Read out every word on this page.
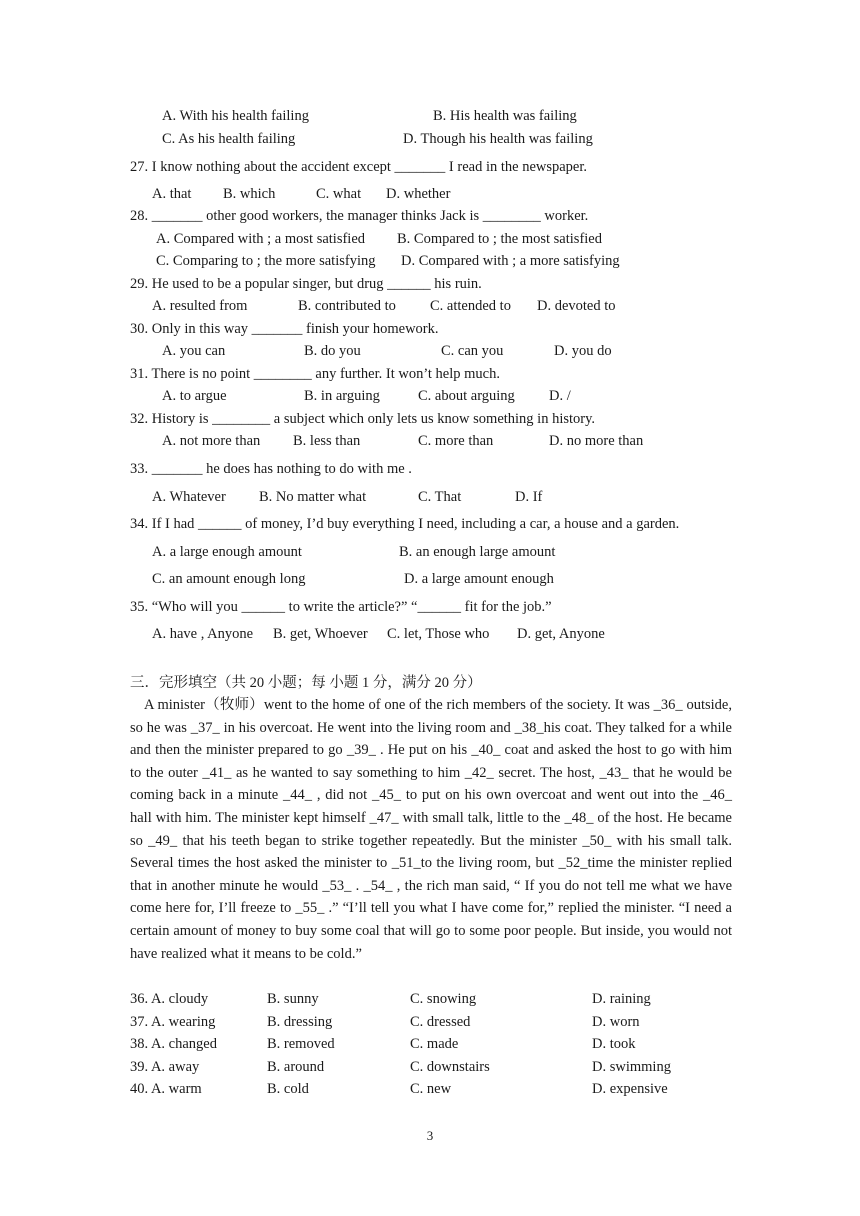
A. With his health failing	B. His health was failing
C. As his health failing	D. Though his health was failing
27. I know nothing about the accident except _______ I read in the newspaper.
A. that B. which	C. what D. whether
28. _______ other good workers, the manager thinks Jack is ________ worker.
A. Compared with ; a most satisfied B. Compared to ; the most satisfied
C. Comparing to ; the more satisfying D. Compared with ; a more satisfying
29. He used to be a popular singer, but drug ______ his ruin.
A. resulted from	B. contributed to C. attended to D. devoted to
30. Only in this way _______ finish your homework.
A. you can	B. do you	C. can you	D. you do
31. There is no point ________ any further. It won’t help much.
A. to argue	B. in arguing	C. about arguing D. /
32. History is ________ a subject which only lets us know something in history.
A. not more than B. less than	C. more than	D. no more than
33. _______ he does has nothing to do with me .
A. Whatever B. No matter what	C. That	D. If
34. If I had ______ of money, I’d buy everything I need, including a car, a house and a garden.
A. a large enough amount	B. an enough large amount
C. an amount enough long	D. a large amount enough
35. “Who will you ______ to write the article?” “______ fit for the job.”
A. have , Anyone B. get, Whoever C. let, Those who D. get, Anyone
三．完形填空（共 20 小题；每 小题 1 分，满分 20 分）

A minister（牧师）went to the home of one of the rich members of the society. It was _36_ outside, so he was _37_ in his overcoat. He went into the living room and _38_his coat. They talked for a while and then the minister prepared to go _39_ . He put on his _40_ coat and asked the host to go with him to the outer _41_ as he wanted to say something to him _42_ secret. The host, _43_ that he would be coming back in a minute _44_ , did not _45_ to put on his own overcoat and went out into the _46_ hall with him. The minister kept himself _47_ with small talk, little to the _48_ of the host. He became so _49_ that his teeth began to strike together repeatedly. But the minister _50_ with his small talk. Several times the host asked the minister to _51_to the living room, but _52_time the minister replied that in another minute he would _53_ . _54_ , the rich man said, “ If you do not tell me what we have come here for, I’ll freeze to _55_ .” “I’ll tell you what I have come for,” replied the minister. “I need a certain amount of money to buy some coal that will go to some poor people. But inside, you would not have realized what it means to be cold.”

36. A. cloudy	B. sunny	C. snowing	D. raining
37. A. wearing	B. dressing	C. dressed	D. worn
38. A. changed	B. removed	C. made	D. took
39. A. away	B. around	C. downstairs	D. swimming
40. A. warm	B. cold	C. new	D. expensive
3
